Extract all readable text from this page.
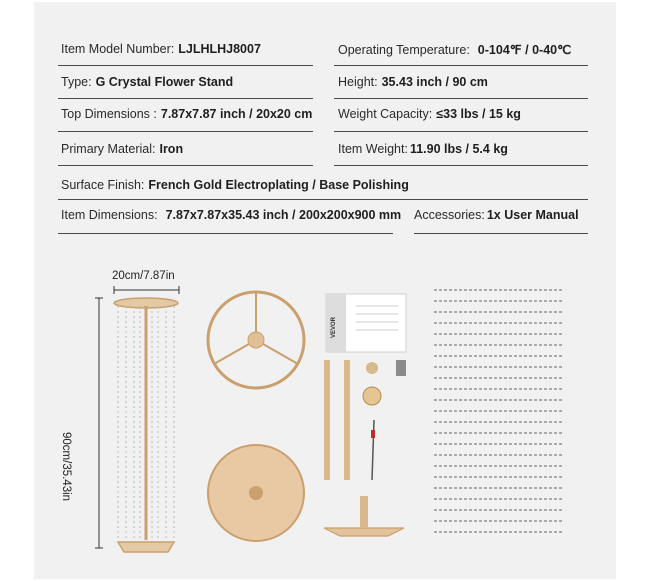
Item Model Number: LJLHLHJ8007	Operating Temperature: 0-104℉ / 0-40℃
Type: G Crystal Flower Stand	Height: 35.43 inch / 90 cm
Top Dimensions : 7.87x7.87 inch / 20x20 cm Weight Capacity: ≤33 lbs / 15 kg
Primary Material: Iron	Item Weight: 11.90 lbs / 5.4 kg
Surface Finish: French Gold Electroplating / Base Polishing
Item Dimensions: 7.87x7.87x35.43 inch / 200x200x900 mm Accessories: 1x User Manual
20cm/7.87in
90cm/35.43in
VEVOR
